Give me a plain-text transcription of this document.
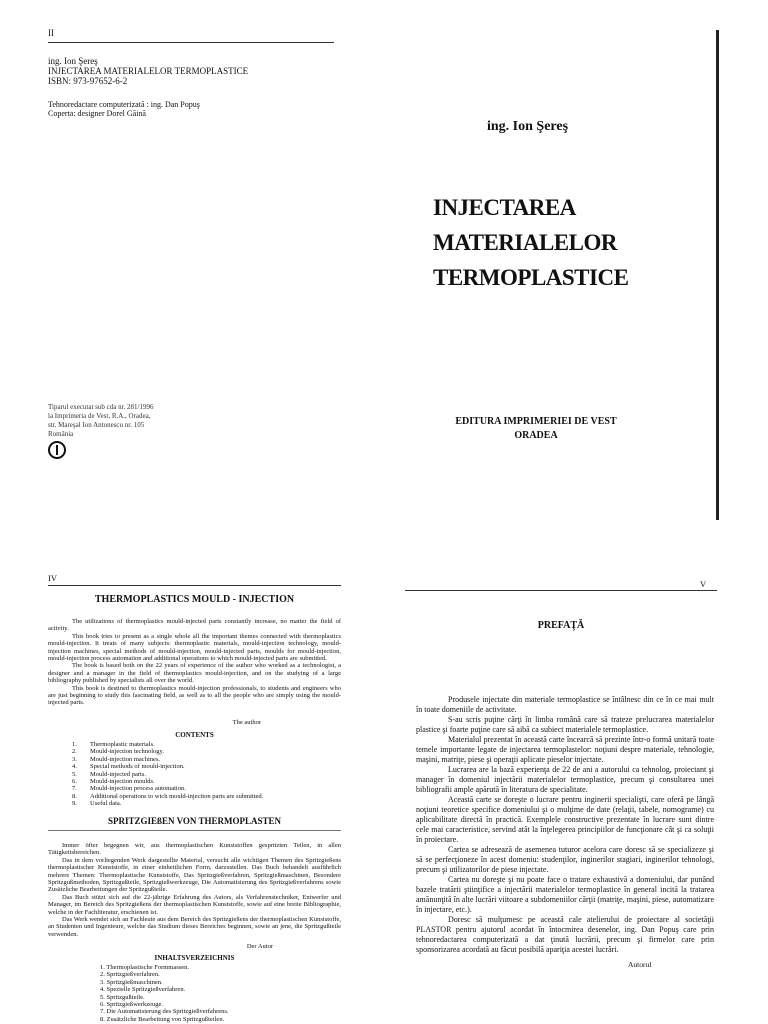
II
ing. Ion Şereş
INJECTAREA MATERIALELOR TERMOPLASTICE
ISBN: 973-97652-6-2
Tehnoredactare computerizată : ing. Dan Popuş
Coperta: designer Dorel Găină
Tiparul executat sub cda nr. 281/1996
la Imprimeria de Vest, R.A., Oradea,
str. Mareşal Ion Antonescu nr. 105
România
ing. Ion Şereş
INJECTAREA
MATERIALELOR
TERMOPLASTICE
EDITURA IMPRIMERIEI DE VEST
ORADEA
IV
THERMOPLASTICS MOULD - INJECTION

The utilizations of thermoplastics mould-injected parts constantly increase, no matter the field of activity.

This book tries to present as a single whole all the important themes connected with thermoplastics mould-injection. It treats of many subjects: thermoplastic materials, mould-injection technology, mould-injection machines, special methods of mould-injection, mould-injected parts, moulds for mould-injection, mould-injection process automation and additional operations to which mould-injected parts are submitted.

The book is based both on the 22 years of experience of the author who worked as a technologist, a designer and a manager in the field of thermoplastics mould-injection, and on the studying of a large bibliography published by specialists all over the world.

This book is destined to thermoplastics mould-injection professionals, to students and engineers who are just beginning to study this fascinating field, as well as to all the people who are simply using the mould-injected parts.

The author
CONTENTS
1.	Thermoplastic materials.
2.	Mould-injection technology.
3.	Mould-injection machines.
4.	Special methods of mould-injection.
5.	Mould-injected parts.
6.	Mould-injection moulds.
7.	Mould-injection process automation.
8.	Additional operations to wich mould-injection parts are submitted.
9.	Useful data.
SPRITZGIEßEN VON THERMOPLASTEN

Immer öfter begegnen wir, aus thermoplastischen Kunststoffen gespritzten Teilen, in allen Tätigkeitsbereichen.

Das in dem vorliegenden Werk dargestellte Material, versucht alle wichtigen Themen des Spritzgießens thermoplastischer Kunststoffe, in einer einheitlichen Form, darzustellen. Das Buch behandelt ausführlich mehrere Themen: Thermoplastische Kunststoffe, Das Spritzgießverfahren, Spritzgießmaschinen, Besondere Spritzgußmethoden, Spritzgußteile, Spritzgießwerkzeuge, Die Automatisierung des Spritzgießverfahrens sowie Zusätzliche Bearbeitungen der Spritzgußteile.

Das Buch stützt sich auf die 22-jährige Erfahrung des Autors, als Verfahrenstechniker, Entwerfer und Manager, im Bereich des Spritzgießens der thermoplastischen Kunststoffe, sowie auf eine breite Bibliographie, welche in der Fachliteratur, erschienen ist.

Das Werk wendet sich an Fachleute aus dem Bereich des Spritzgießens der thermoplastischen Kunststoffe, an Studenten und Ingenieure, welche das Studium dieses Bereiches beginnen, sowie an jene, die Spritzgußteile verwenden.

Der Autor
INHALTSVERZEICHNIS
1. Thermoplastische Formmassen.
2. Spritzgießverfahren.
3. Spritzgießmaschinen.
4. Spezielle Spritzgießverfahren.
5. Spritzgußteile.
6. Spritzgießwerkzeuge.
7. Die Automatisierung des Spritzgießverfahrens.
8. Zusätzliche Bearbeitung von Spritzgußteilen.
V
PREFAŢĂ

Produsele injectate din materiale termoplastice se întâlnesc din ce în ce mai mult în toate domeniile de activitate.

S-au scris puţine cărţi în limba română care să trateze prelucrarea materialelor plastice şi foarte puţine care să aibă ca subiect materialele termoplastice.

Materialul prezentat în această carte încearcă să prezinte într-o formă unitară toate temele importante legate de injectarea termoplastelor: noţiuni despre materiale, tehnologie, maşini, matriţe, piese şi operaţii aplicate pieselor injectate.

Lucrarea are la bază experienţa de 22 de ani a autorului ca tehnolog, proiectant şi manager în domeniul injectării materialelor termoplastice, precum şi consultarea unei bibliografii ample apărută în literatura de specialitate.

Această carte se doreşte o lucrare pentru inginerii specialişti, care oferă pe lângă noţiuni teoretice specifice domeniului şi o mulţime de date (relaţii, tabele, nomograme) cu aplicabilitate directă în practică. Exemplele constructive prezentate în lucrare sunt dintre cele mai caracteristice, servind atât la înţelegerea principiilor de funcţionare cât şi ca soluţii în proiectare.

Cartea se adresează de asemenea tuturor acelora care doresc să se specializeze şi să se perfecţioneze în acest domeniu: studenţilor, inginerilor stagiari, inginerilor tehnologi, precum şi utilizatorilor de piese injectate.

Cartea nu doreşte şi nu poate face o tratare exhaustivă a domeniului, dar punând bazele tratării ştiinţifice a injectării materialelor termoplastice în general incită la tratarea amănunţită în alte lucrări viitoare a subdomeniilor cărţii (matriţe, maşini, piese, automatizare în injectare, etc.).

Doresc să mulţumesc pe această cale atelierului de proiectare al societăţii PLASTOR pentru ajutorul acordat în întocmirea desenelor, ing. Dan Popuş care prin tehnoredactarea computerizată a dat ţinută lucrării, precum şi firmelor care prin sponsorizarea acordată au făcut posibilă apariţia acestei lucrări.

Autorul
